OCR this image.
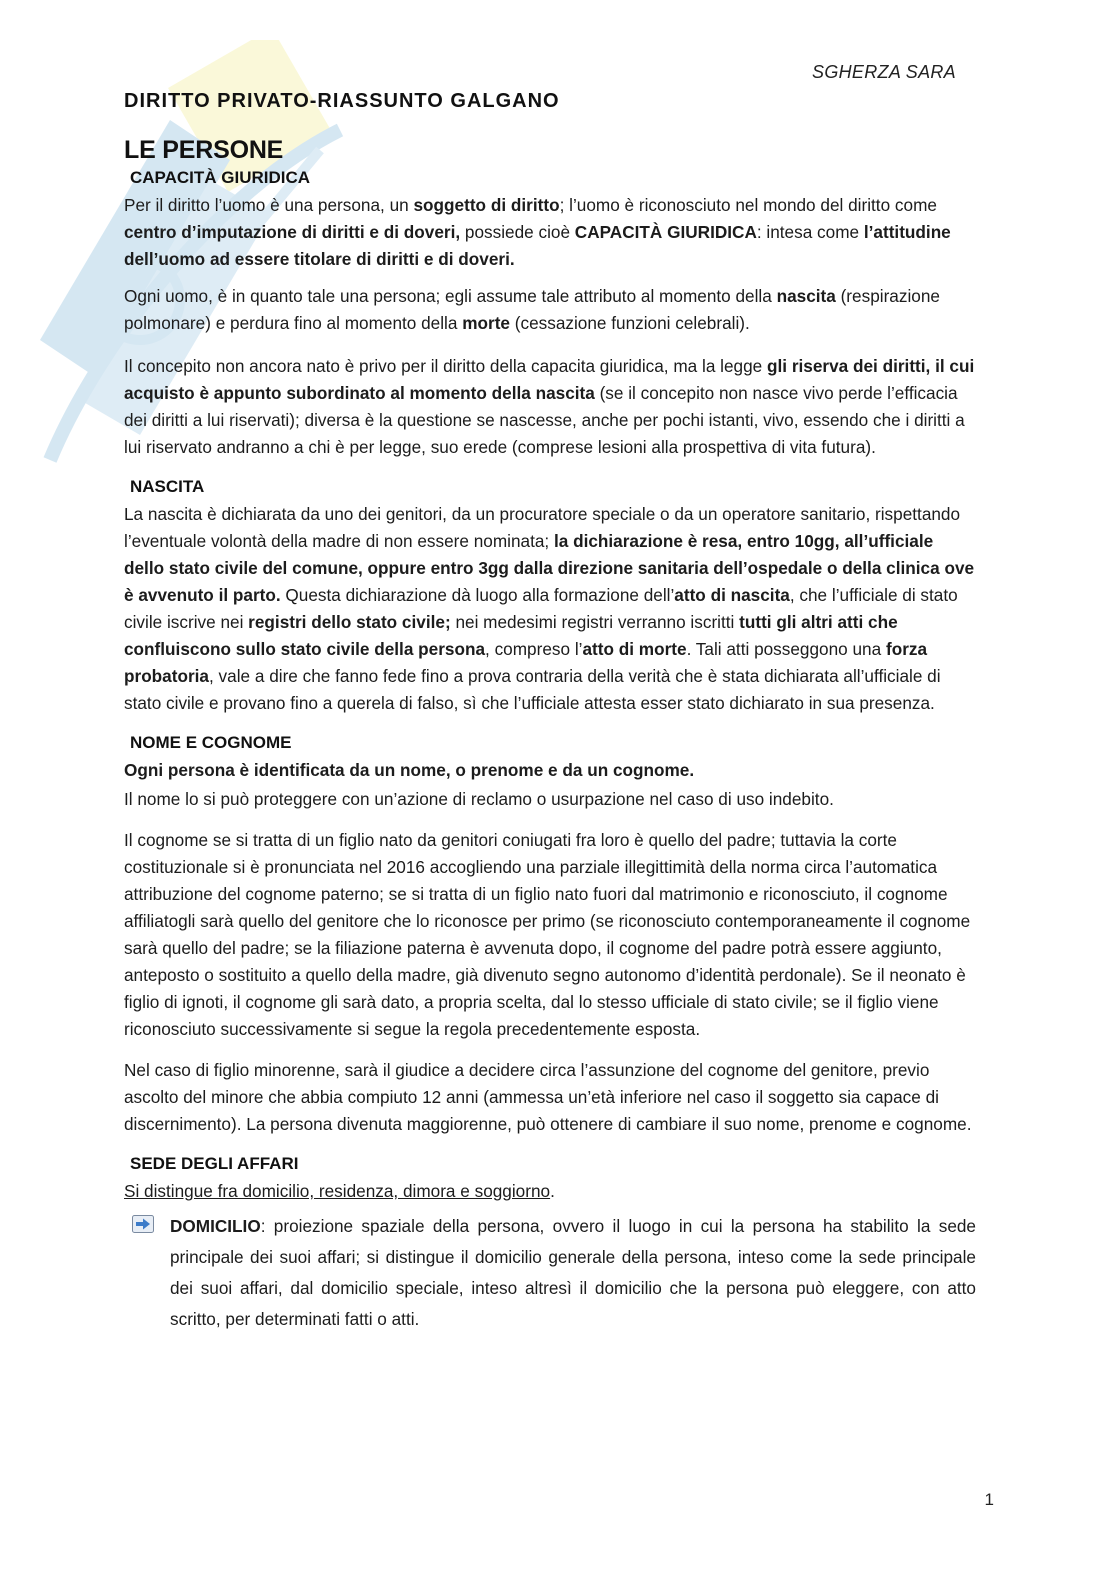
SGHERZA SARA
DIRITTO PRIVATO-RIASSUNTO GALGANO
LE PERSONE
CAPACITÀ GIURIDICA

Per il diritto l’uomo è una persona, un soggetto di diritto; l’uomo è riconosciuto nel mondo del diritto come centro d’imputazione di diritti e di doveri, possiede cioè CAPACITÀ GIURIDICA: intesa come l’attitudine dell’uomo ad essere titolare di diritti e di doveri.

Ogni uomo, è in quanto tale una persona; egli assume tale attributo al momento della nascita (respirazione polmonare) e perdura fino al momento della morte (cessazione funzioni celebrali).

Il concepito non ancora nato è privo per il diritto della capacita giuridica, ma la legge gli riserva dei diritti, il cui acquisto è appunto subordinato al momento della nascita (se il concepito non nasce vivo perde l’efficacia dei diritti a lui riservati); diversa è la questione se nascesse, anche per pochi istanti, vivo, essendo che i diritti a lui riservato andranno a chi è per legge, suo erede (comprese lesioni alla prospettiva di vita futura).

NASCITA

La nascita è dichiarata da uno dei genitori, da un procuratore speciale o da un operatore sanitario, rispettando l’eventuale volontà della madre di non essere nominata; la dichiarazione è resa, entro 10gg, all’ufficiale dello stato civile del comune, oppure entro 3gg dalla direzione sanitaria dell’ospedale o della clinica ove è avvenuto il parto. Questa dichiarazione dà luogo alla formazione dell’atto di nascita, che l’ufficiale di stato civile iscrive nei registri dello stato civile; nei medesimi registri verranno iscritti tutti gli altri atti che confluiscono sullo stato civile della persona, compreso l’atto di morte. Tali atti posseggono una forza probatoria, vale a dire che fanno fede fino a prova contraria della verità che è stata dichiarata all’ufficiale di stato civile e provano fino a querela di falso, sì che l’ufficiale attesta esser stato dichiarato in sua presenza.

NOME E COGNOME

Ogni persona è identificata da un nome, o prenome e da un cognome.

Il nome lo si può proteggere con un’azione di reclamo o usurpazione nel caso di uso indebito.

Il cognome se si tratta di un figlio nato da genitori coniugati fra loro è quello del padre; tuttavia la corte costituzionale si è pronunciata nel 2016 accogliendo una parziale illegittimità della norma circa l’automatica attribuzione del cognome paterno; se si tratta di un figlio nato fuori dal matrimonio e riconosciuto, il cognome affiliatogli sarà quello del genitore che lo riconosce per primo (se riconosciuto contemporaneamente il cognome sarà quello del padre; se la filiazione paterna è avvenuta dopo, il cognome del padre potrà essere aggiunto, anteposto o sostituito a quello della madre, già divenuto segno autonomo d’identità perdonale). Se il neonato è figlio di ignoti, il cognome gli sarà dato, a propria scelta, dal lo stesso ufficiale di stato civile; se il figlio viene riconosciuto successivamente si segue la regola precedentemente esposta.

Nel caso di figlio minorenne, sarà il giudice a decidere circa l’assunzione del cognome del genitore, previo ascolto del minore che abbia compiuto 12 anni (ammessa un’età inferiore nel caso il soggetto sia capace di discernimento). La persona divenuta maggiorenne, può ottenere di cambiare il suo nome, prenome e cognome.

SEDE DEGLI AFFARI

Si distingue fra domicilio, residenza, dimora e soggiorno.

DOMICILIO: proiezione spaziale della persona, ovvero il luogo in cui la persona ha stabilito la sede principale dei suoi affari; si distingue il domicilio generale della persona, inteso come la sede principale dei suoi affari, dal domicilio speciale, inteso altresì il domicilio che la persona può eleggere, con atto scritto, per determinati fatti o atti.
1
